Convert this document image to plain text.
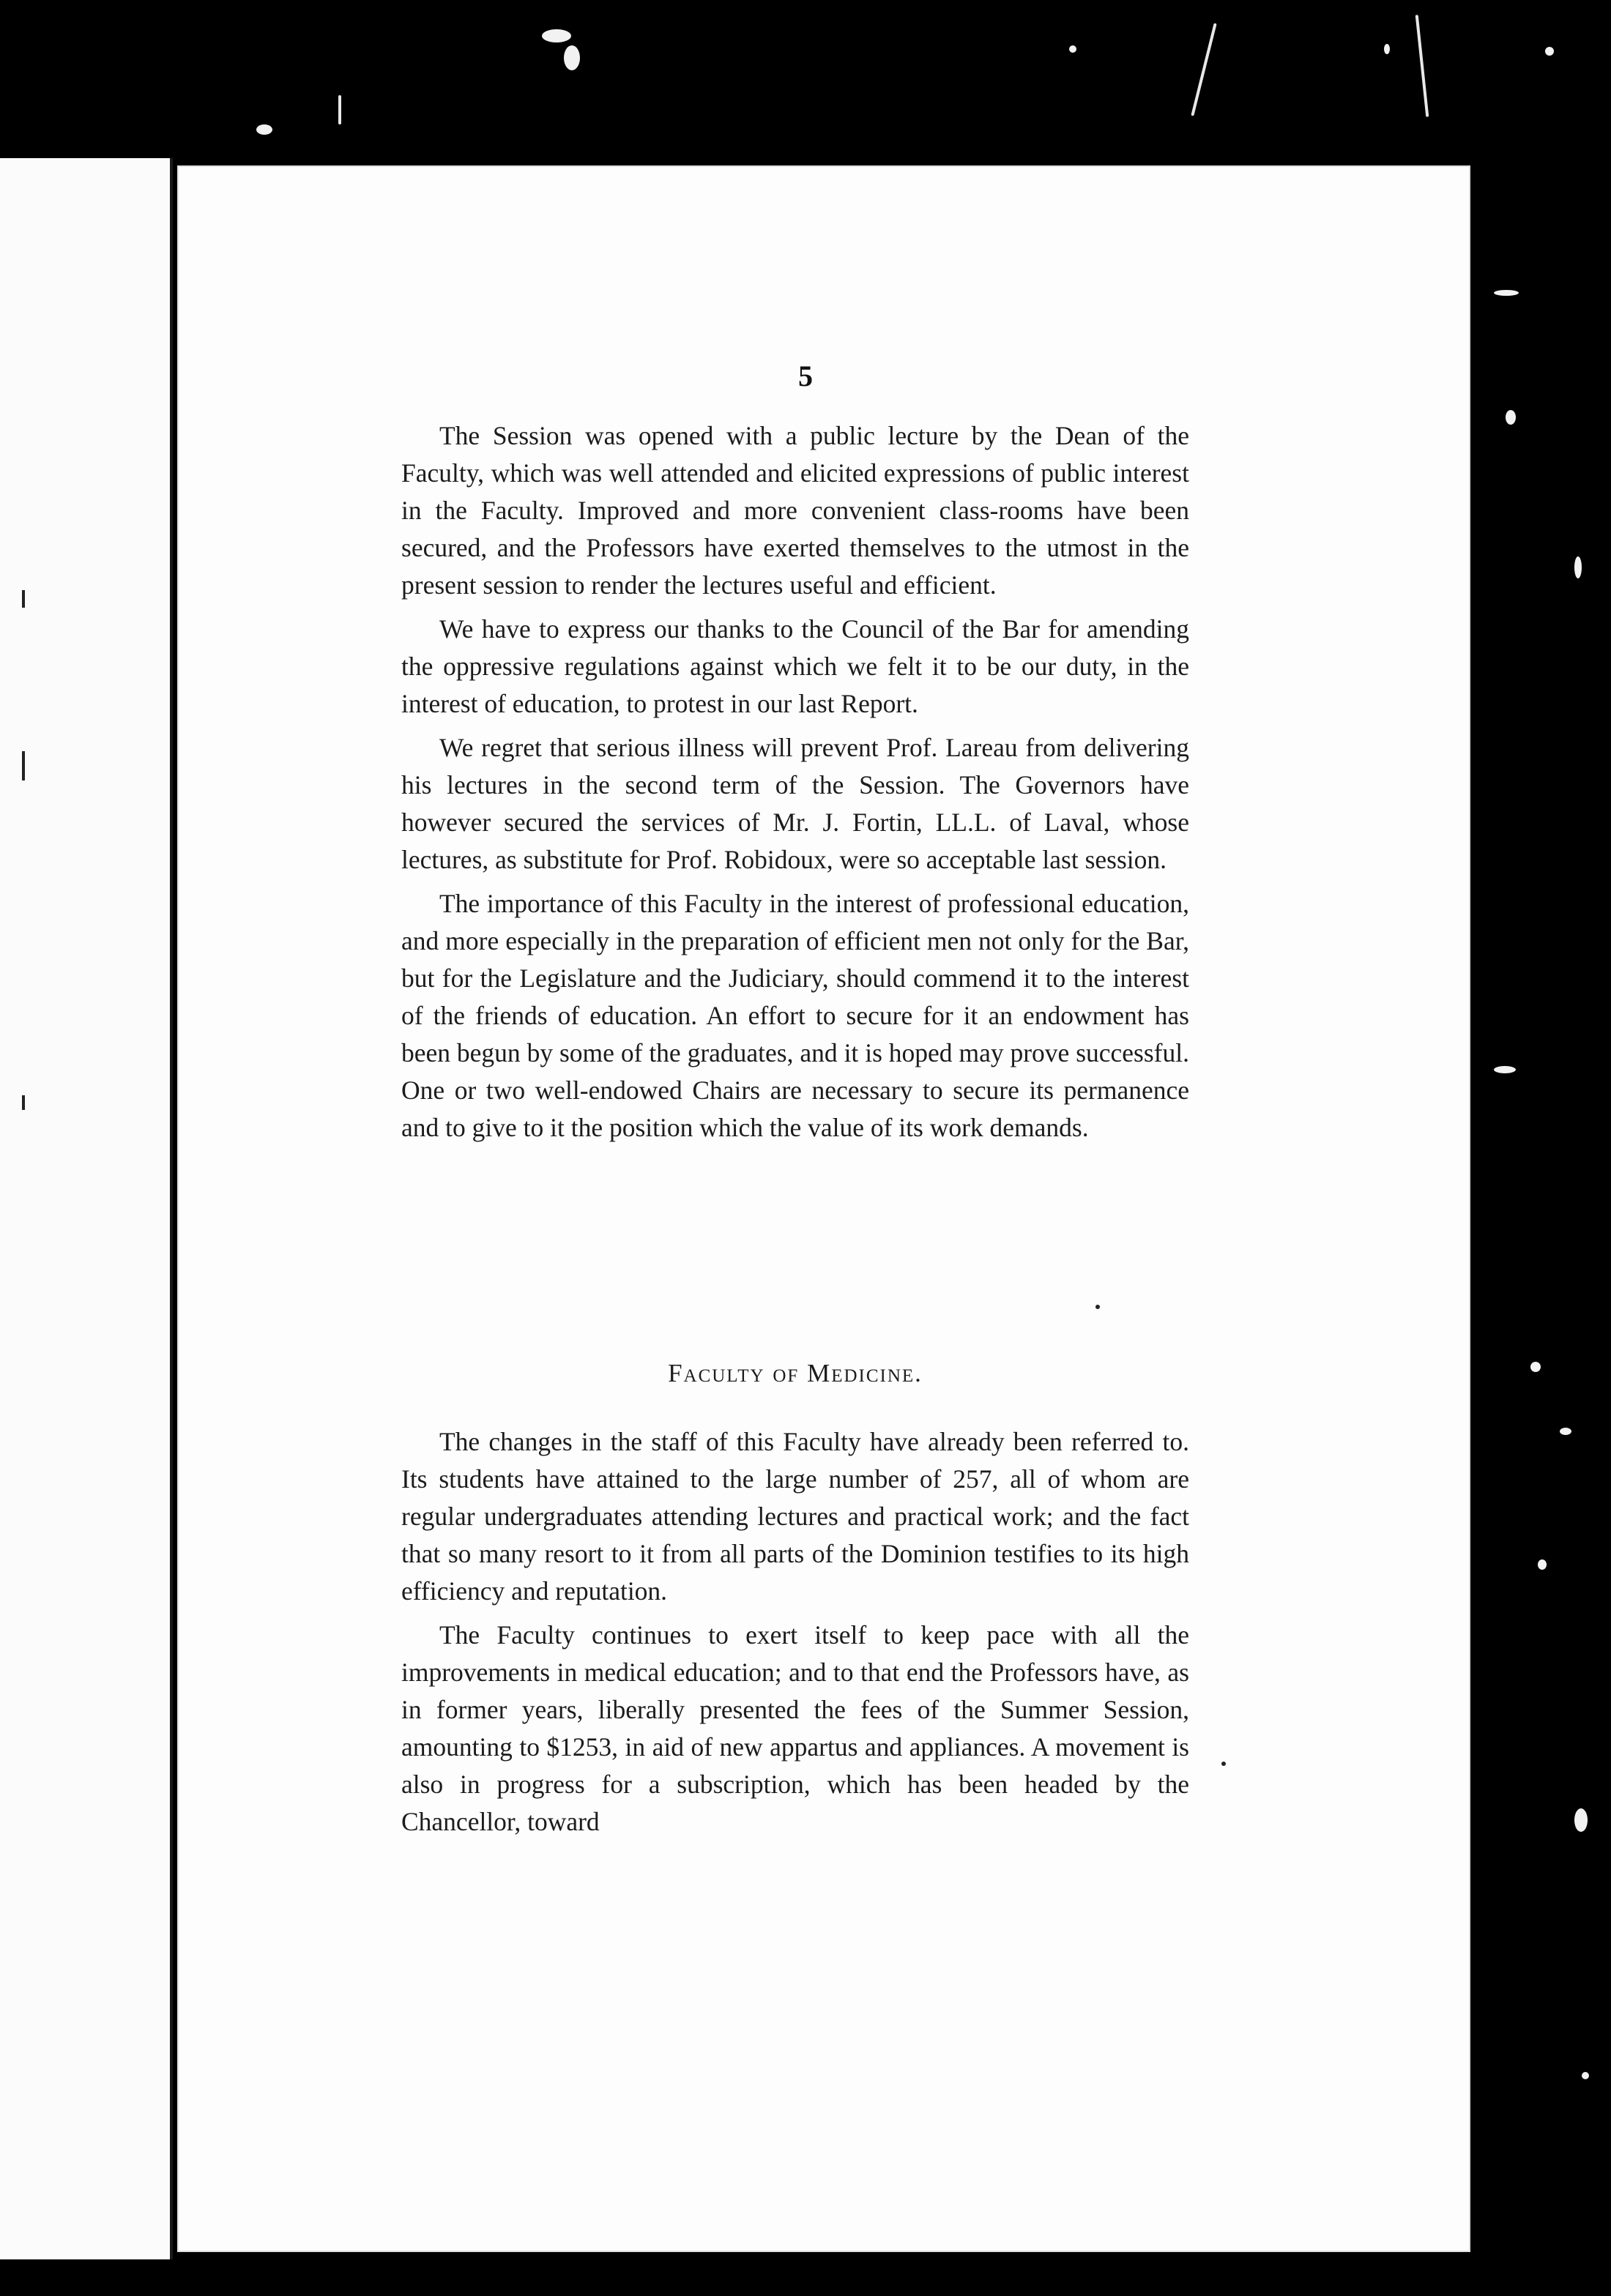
5

The Session was opened with a public lecture by the Dean of the Faculty, which was well attended and elicited expressions of public interest in the Faculty. Improved and more convenient class-rooms have been secured, and the Professors have exerted themselves to the utmost in the present session to render the lectures useful and efficient.

We have to express our thanks to the Council of the Bar for amending the oppressive regulations against which we felt it to be our duty, in the interest of education, to protest in our last Report.

We regret that serious illness will prevent Prof. Lareau from delivering his lectures in the second term of the Session. The Governors have however secured the services of Mr. J. Fortin, LL.L. of Laval, whose lectures, as substitute for Prof. Robidoux, were so acceptable last session.

The importance of this Faculty in the interest of professional education, and more especially in the preparation of efficient men not only for the Bar, but for the Legislature and the Judiciary, should commend it to the interest of the friends of education. An effort to secure for it an endowment has been begun by some of the graduates, and it is hoped may prove successful. One or two well-endowed Chairs are necessary to secure its permanence and to give to it the position which the value of its work demands.

Faculty of Medicine.

The changes in the staff of this Faculty have already been referred to. Its students have attained to the large number of 257, all of whom are regular undergraduates attending lectures and practical work; and the fact that so many resort to it from all parts of the Dominion testifies to its high efficiency and reputation.

The Faculty continues to exert itself to keep pace with all the improvements in medical education; and to that end the Professors have, as in former years, liberally presented the fees of the Summer Session, amounting to $1253, in aid of new appartus and appliances. A movement is also in progress for a subscription, which has been headed by the Chancellor, toward
